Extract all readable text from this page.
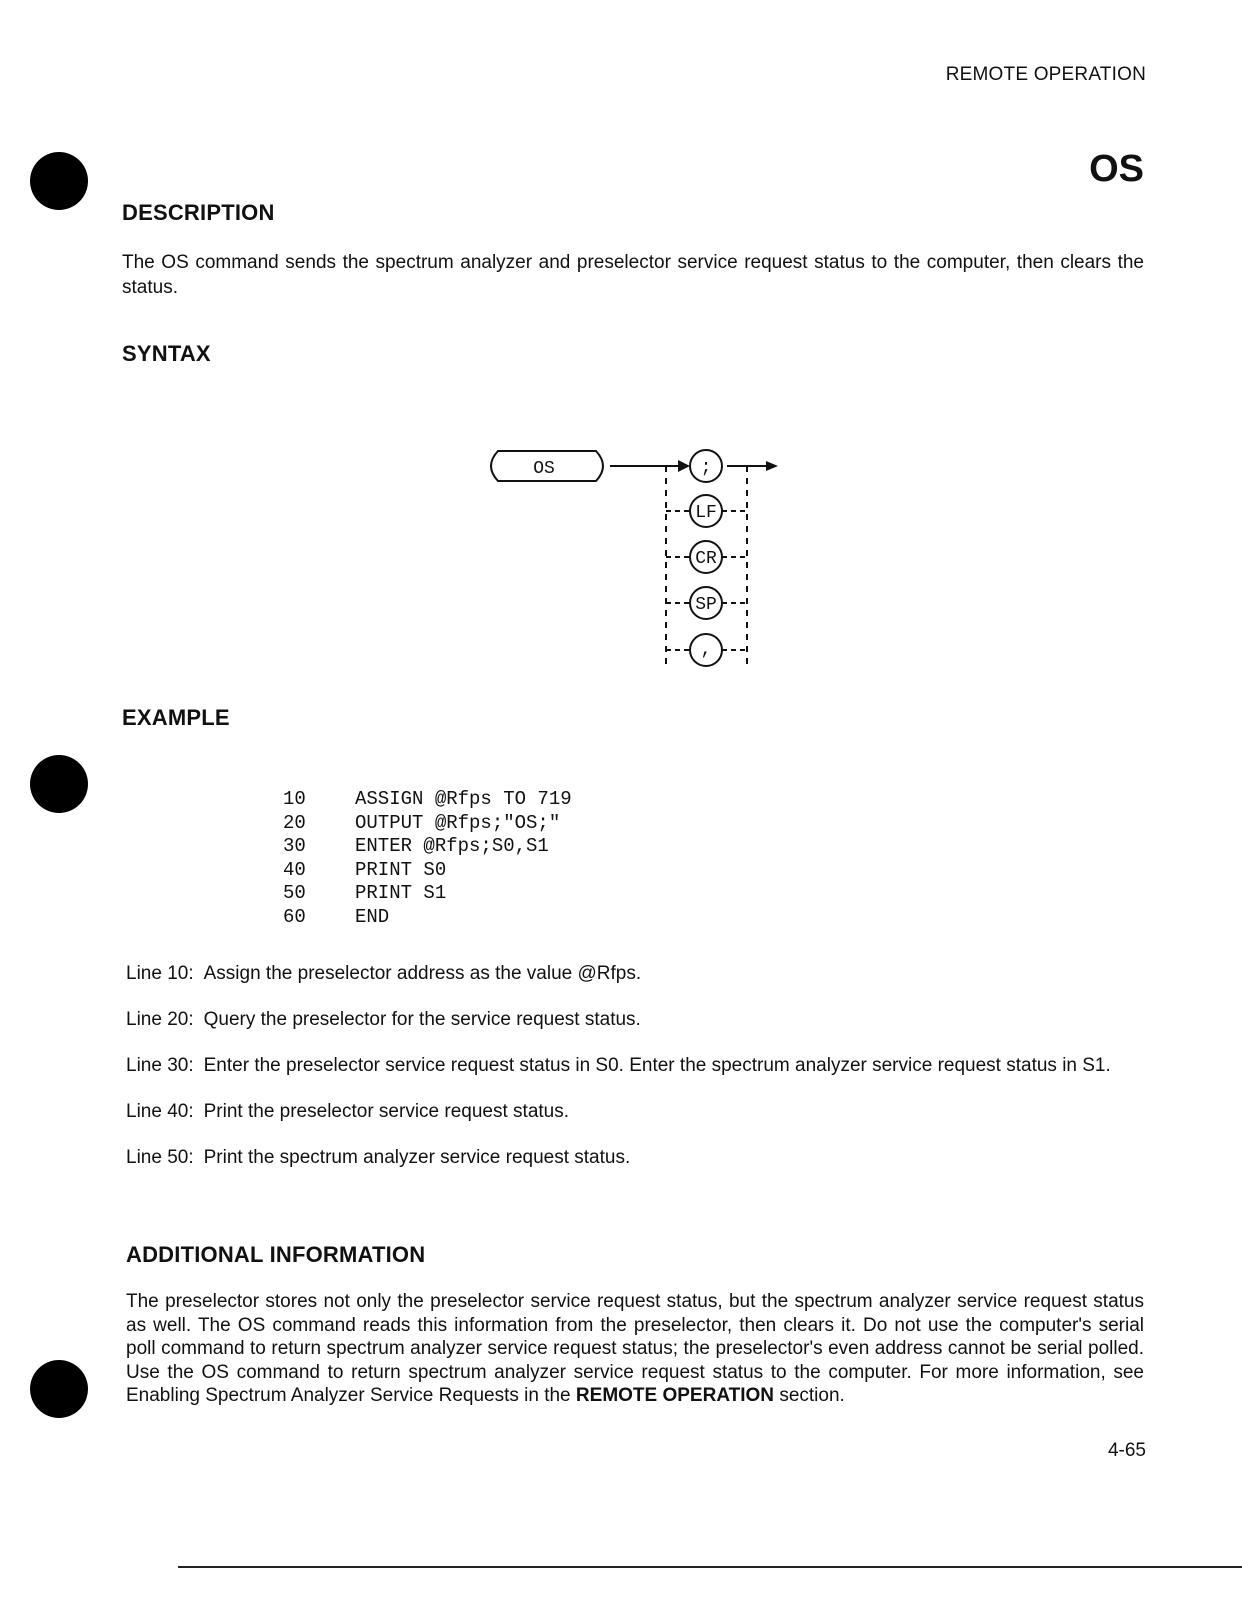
REMOTE OPERATION
OS
DESCRIPTION
The OS command sends the spectrum analyzer and preselector service request status to the computer, then clears the status.
SYNTAX
OS	;
LF
CR
SP
,
EXAMPLE
10	ASSIGN @Rfps TO 719
20	OUTPUT @Rfps;"OS;"
30	ENTER @Rfps;S0,S1
40	PRINT S0
50	PRINT S1
60	END
Line 10: Assign the preselector address as the value @Rfps.
Line 20: Query the preselector for the service request status.
Line 30: Enter the preselector service request status in S0. Enter the spectrum analyzer service request status in S1.
Line 40: Print the preselector service request status.
Line 50: Print the spectrum analyzer service request status.
ADDITIONAL INFORMATION
The preselector stores not only the preselector service request status, but the spectrum analyzer service request status as well. The OS command reads this information from the preselector, then clears it. Do not use the computer's serial poll command to return spectrum analyzer service request status; the preselector's even address cannot be serial polled. Use the OS command to return spectrum analyzer service request status to the computer. For more information, see Enabling Spectrum Analyzer Service Requests in the REMOTE OPERATION section.
4-65
